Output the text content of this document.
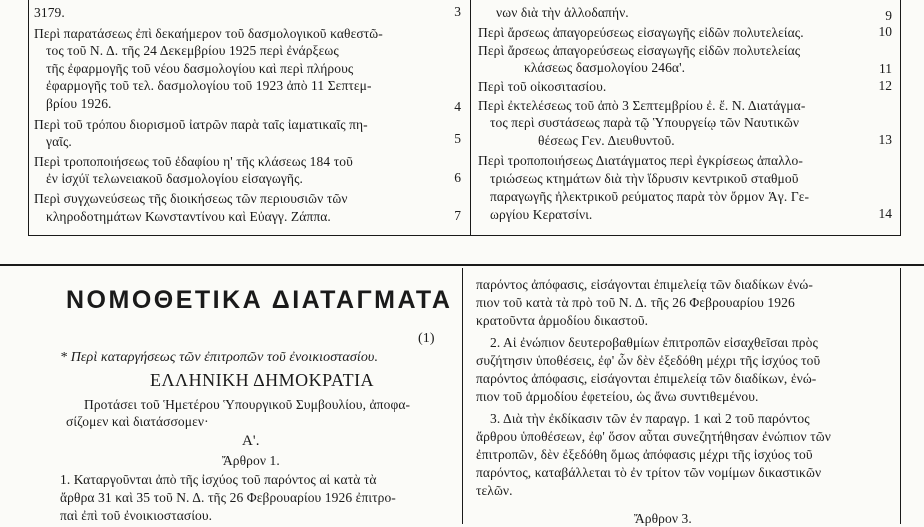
3179.	3
Περὶ παρατάσεως ἐπὶ δεκαήμερον τοῦ δασμολογικοῦ καθεστῶ-
τος τοῦ Ν. Δ. τῆς 24 Δεκεμβρίου 1925 περὶ ἐνάρξεως
τῆς ἐφαρμογῆς τοῦ νέου δασμολογίου καὶ περὶ πλήρους
ἐφαρμογῆς τοῦ τελ. δασμολογίου τοῦ 1923 ἀπὸ 11 Σεπτεμ-
βρίου 1926.	4
Περὶ τοῦ τρόπου διορισμοῦ ἰατρῶν παρὰ ταῖς ἰαματικαῖς πη-
γαῖς.	5
Περὶ τροποποιήσεως τοῦ ἐδαφίου η' τῆς κλάσεως 184 τοῦ
ἐν ἰσχύϊ τελωνειακοῦ δασμολογίου εἰσαγωγῆς.	6
Περὶ συγχωνεύσεως τῆς διοικήσεως τῶν περιουσιῶν τῶν
κληροδοτημάτων Κωνσταντίνου καὶ Εὐαγγ. Ζάππα.	7
νων διὰ τὴν ἀλλοδαπήν.	9
Περὶ ἄρσεως ἀπαγορεύσεως εἰσαγωγῆς εἰδῶν πολυτελείας.	10
Περὶ ἄρσεως ἀπαγορεύσεως εἰσαγωγῆς εἰδῶν πολυτελείας
κλάσεως δασμολογίου 246α'.	11
Περὶ τοῦ οἰκοσιτασίου.	12
Περὶ ἐκτελέσεως τοῦ ἀπὸ 3 Σεπτεμβρίου ἐ. ἔ. Ν. Διατάγμα-
τος περὶ συστάσεως παρὰ τῷ Ὑπουργείῳ τῶν Ναυτικῶν
θέσεως Γεν. Διευθυντοῦ.	13
Περὶ τροποποιήσεως Διατάγματος περὶ ἐγκρίσεως ἀπαλλο-
τριώσεως κτημάτων διὰ τὴν ἵδρυσιν κεντρικοῦ σταθμοῦ
παραγωγῆς ἠλεκτρικοῦ ρεύματος παρὰ τὸν ὄρμον Ἁγ. Γε-
ωργίου Κερατσίνι.	14
ΝΟΜΟΘΕΤΙΚΑ ΔΙΑΤΑΓΜΑΤΑ
(1)
* Περὶ καταργήσεως τῶν ἐπιτροπῶν τοῦ ἐνοικιοστασίου.
ΕΛΛΗΝΙΚΗ ΔΗΜΟΚΡΑΤΙΑ
Προτάσει τοῦ Ἡμετέρου Ὑπουργικοῦ Συμβουλίου, ἀποφα-
σίζομεν καὶ διατάσσομεν·
Α'.
Ἄρθρον 1.
1. Καταργοῦνται ἀπὸ τῆς ἰσχύος τοῦ παρόντος αἱ κατὰ τὰ
ἄρθρα 31 καὶ 35 τοῦ Ν. Δ. τῆς 26 Φεβρουαρίου 1926 ἐπιτρο-
παὶ ἐπὶ τοῦ ἐνοικιοστασίου.
παρόντος ἀπόφασις, εἰσάγονται ἐπιμελείᾳ τῶν διαδίκων ἐνώ-
πιον τοῦ κατὰ τὰ πρὸ τοῦ Ν. Δ. τῆς 26 Φεβρουαρίου 1926
κρατοῦντα ἁρμοδίου δικαστοῦ.
2. Αἱ ἐνώπιον δευτεροβαθμίων ἐπιτροπῶν εἰσαχθεῖσαι πρὸς
συζήτησιν ὑποθέσεις, ἐφ' ὧν δὲν ἐξεδόθη μέχρι τῆς ἰσχύος τοῦ
παρόντος ἀπόφασις, εἰσάγονται ἐπιμελείᾳ τῶν διαδίκων, ἐνώ-
πιον τοῦ ἁρμοδίου ἐφετείου, ὡς ἄνω συντιθεμένου.
3. Διὰ τὴν ἐκδίκασιν τῶν ἐν παραγρ. 1 καὶ 2 τοῦ παρόντος
ἄρθρου ὑποθέσεων, ἐφ' ὅσον αὗται συνεζητήθησαν ἐνώπιον τῶν
ἐπιτροπῶν, δὲν ἐξεδόθη ὅμως ἀπόφασις μέχρι τῆς ἰσχύος τοῦ
παρόντος, καταβάλλεται τὸ ἐν τρίτον τῶν νομίμων δικαστικῶν
τελῶν.
Ἄρθρον 3.
